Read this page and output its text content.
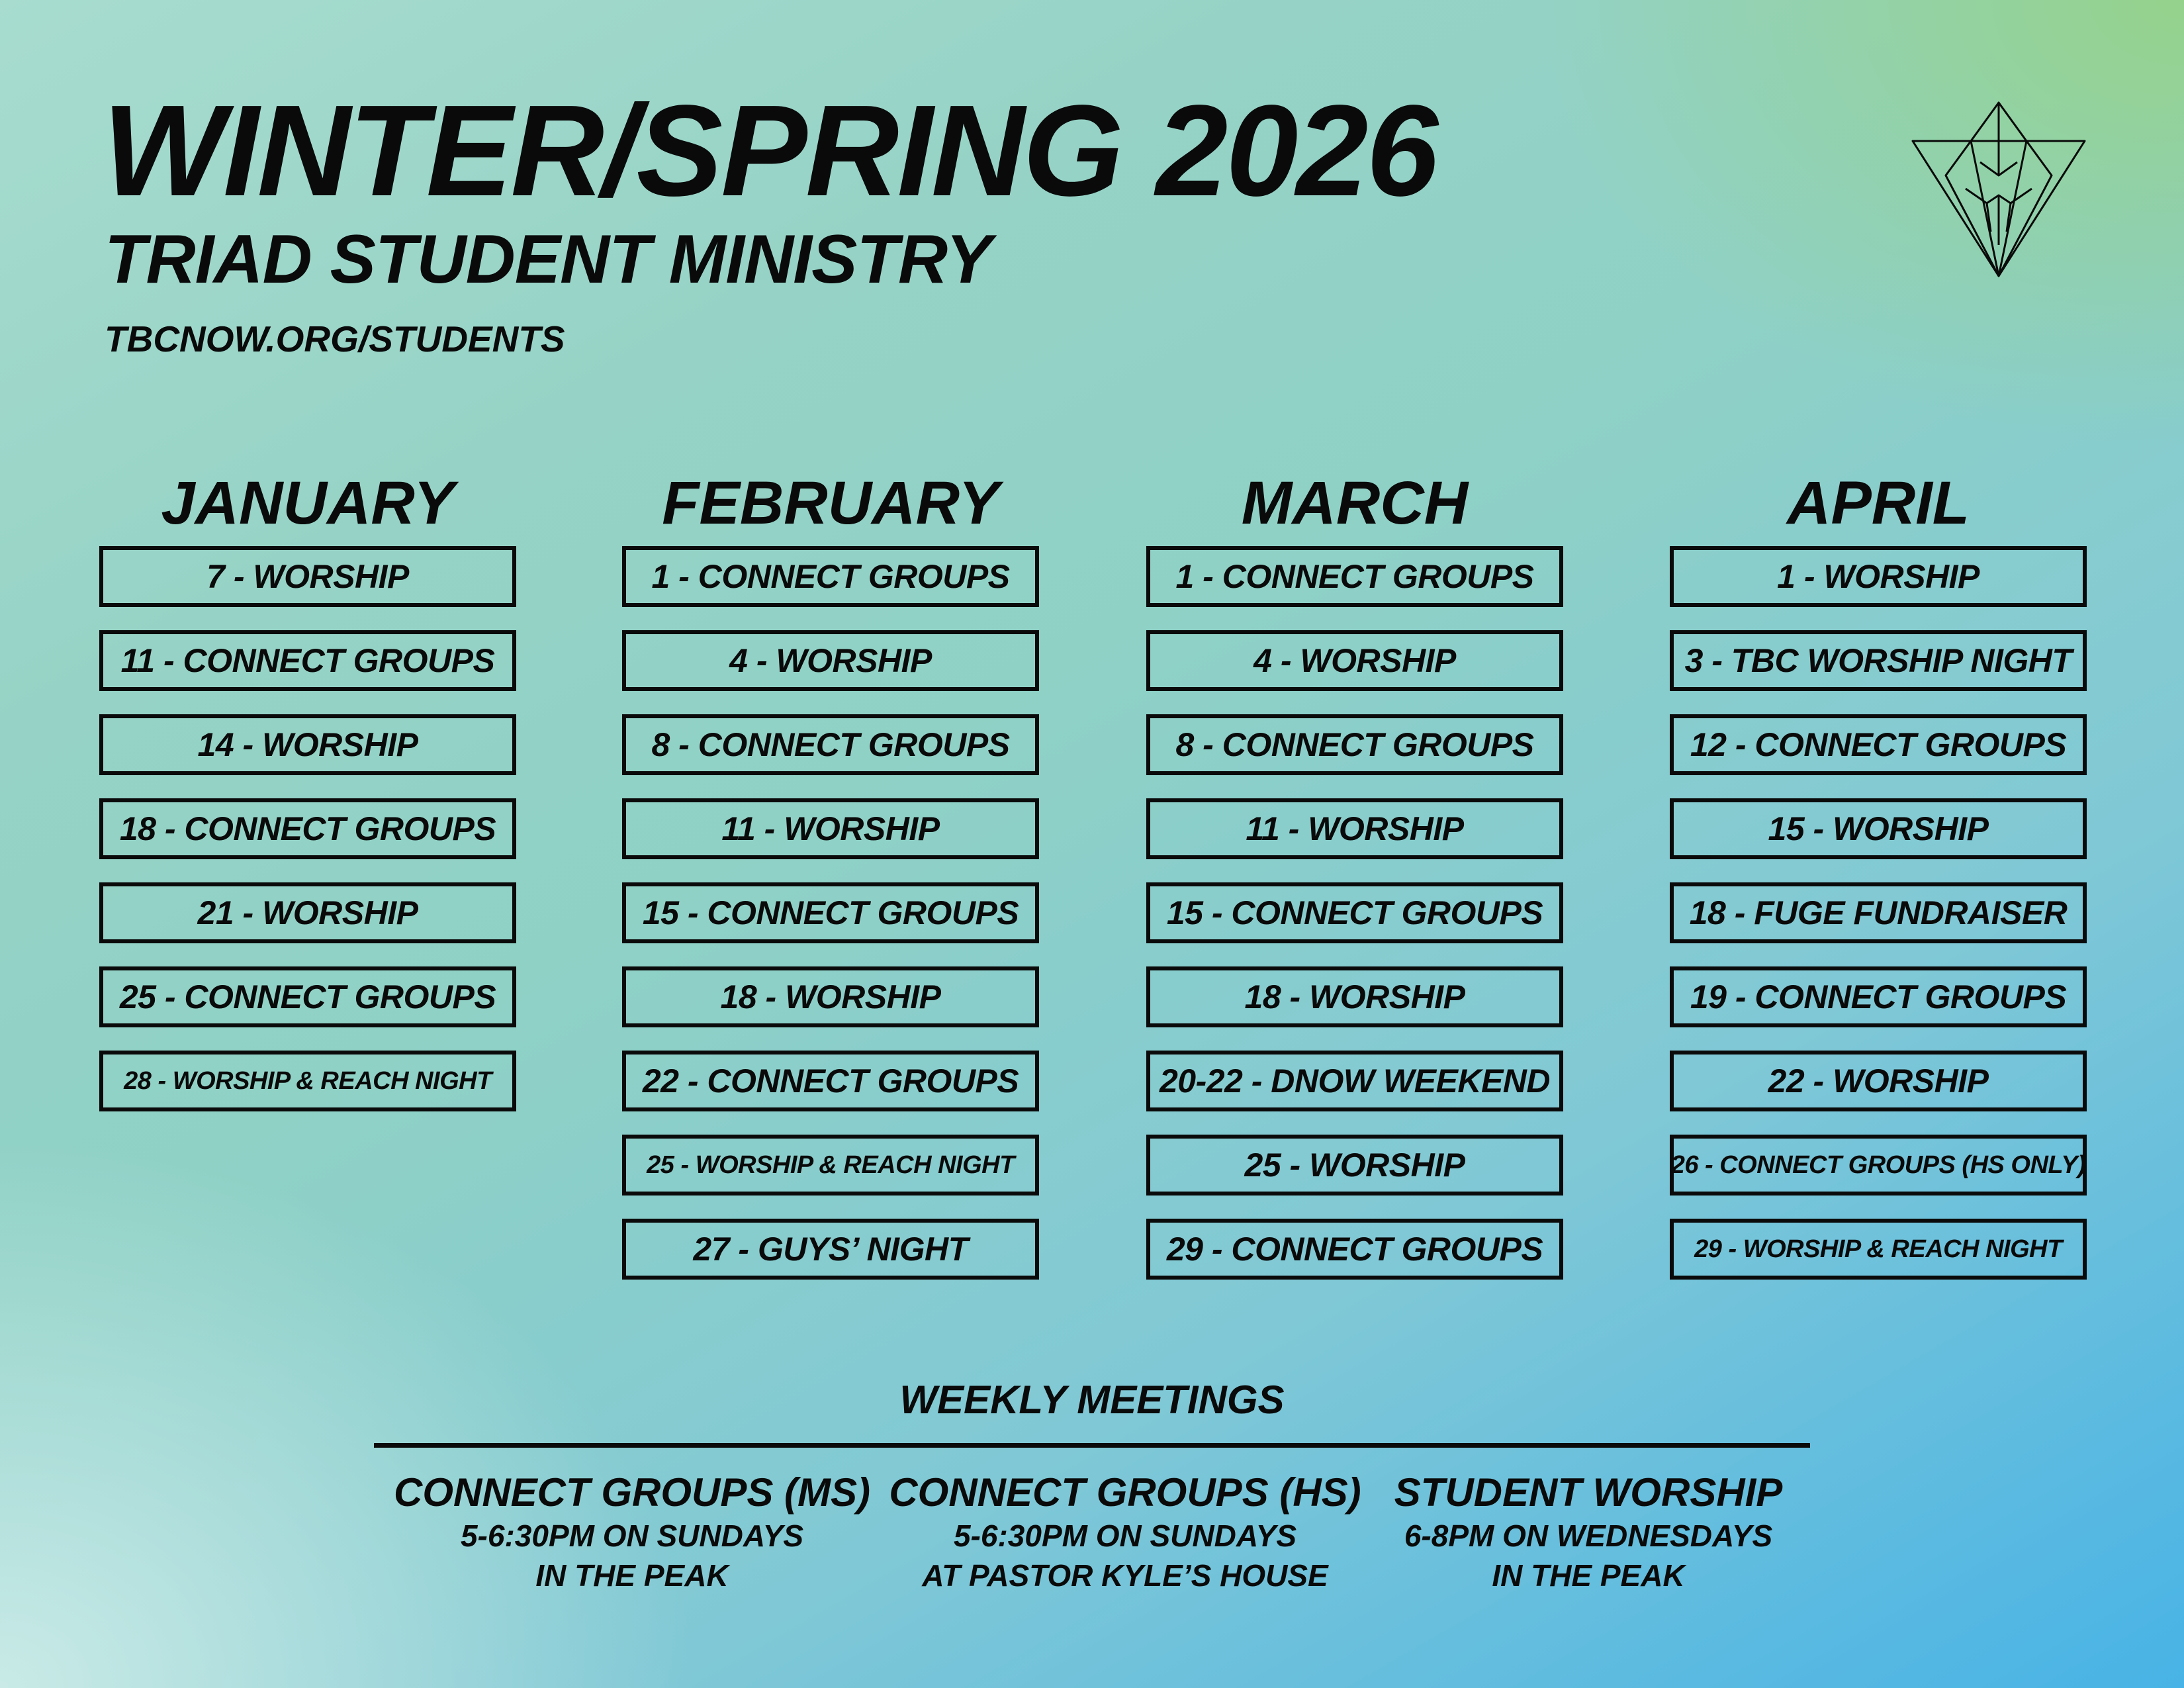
WINTER/SPRING 2026
TRIAD STUDENT MINISTRY
TBCNOW.ORG/STUDENTS
JANUARY
7 - WORSHIP
11 - CONNECT GROUPS
14 - WORSHIP
18 - CONNECT GROUPS
21 - WORSHIP
25 - CONNECT GROUPS
28 - WORSHIP & REACH NIGHT
FEBRUARY
1 - CONNECT GROUPS
4 - WORSHIP
8 - CONNECT GROUPS
11 - WORSHIP
15 - CONNECT GROUPS
18 - WORSHIP
22 - CONNECT GROUPS
25 - WORSHIP & REACH NIGHT
27 - GUYS’ NIGHT
MARCH
1 - CONNECT GROUPS
4 - WORSHIP
8 - CONNECT GROUPS
11 - WORSHIP
15 - CONNECT GROUPS
18 - WORSHIP
20-22 - DNOW WEEKEND
25 - WORSHIP
29 - CONNECT GROUPS
APRIL
1 - WORSHIP
3 - TBC WORSHIP NIGHT
12 - CONNECT GROUPS
15 - WORSHIP
18 - FUGE FUNDRAISER
19 - CONNECT GROUPS
22 - WORSHIP
26 - CONNECT GROUPS (HS ONLY)
29 - WORSHIP & REACH NIGHT
WEEKLY MEETINGS
CONNECT GROUPS (MS)
5-6:30PM ON SUNDAYS
IN THE PEAK
CONNECT GROUPS (HS)
5-6:30PM ON SUNDAYS
AT PASTOR KYLE’S HOUSE
STUDENT WORSHIP
6-8PM ON WEDNESDAYS
IN THE PEAK
